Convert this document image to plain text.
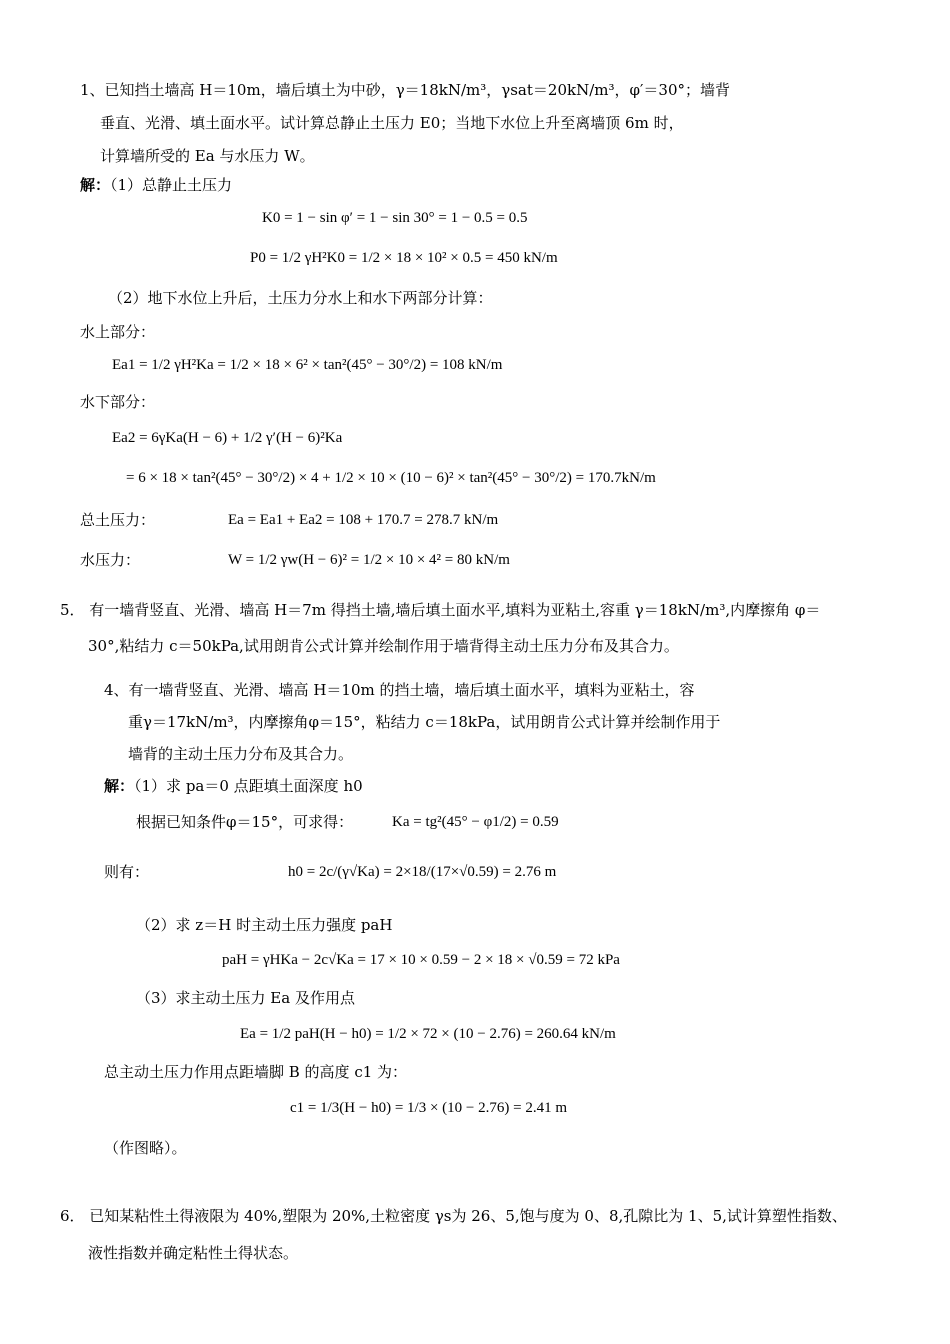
1、已知挡土墙高 H＝10m，墙后填土为中砂，γ＝18kN/m³，γsat＝20kN/m³，φ′＝30°；墙背
垂直、光滑、填土面水平。试计算总静止土压力 E0；当地下水位上升至离墙顶 6m 时，
计算墙所受的 Ea 与水压力 W。
解：（1）总静止土压力
K0 = 1 − sin φ′ = 1 − sin 30° = 1 − 0.5 = 0.5
P0 = 1/2 γH²K0 = 1/2 × 18 × 10² × 0.5 = 450 kN/m
（2）地下水位上升后，土压力分水上和水下两部分计算：
水上部分：
Ea1 = 1/2 γH²Ka = 1/2 × 18 × 6² × tan²(45° − 30°/2) = 108 kN/m
水下部分：
Ea2 = 6γKa(H − 6) + 1/2 γ′(H − 6)²Ka
= 6 × 18 × tan²(45° − 30°/2) × 4 + 1/2 × 10 × (10 − 6)² × tan²(45° − 30°/2) = 170.7kN/m
总土压力：	Ea = Ea1 + Ea2 = 108 + 170.7 = 278.7 kN/m
水压力：	W = 1/2 γw(H − 6)² = 1/2 × 10 × 4² = 80 kN/m
5． 有一墙背竖直、光滑、墙高 H＝7m 得挡土墙,墙后填土面水平,填料为亚粘土,容重 γ＝18kN/m³,内摩擦角 φ＝
30°,粘结力 c＝50kPa,试用朗肯公式计算并绘制作用于墙背得主动土压力分布及其合力。
4、有一墙背竖直、光滑、墙高 H＝10m 的挡土墙，墙后填土面水平，填料为亚粘土，容
重γ＝17kN/m³，内摩擦角φ＝15°，粘结力 c＝18kPa，试用朗肯公式计算并绘制作用于
墙背的主动土压力分布及其合力。
解：（1）求 pa＝0 点距填土面深度 h0
根据已知条件φ＝15°，可求得：	Ka = tg²(45° − φ1/2) = 0.59
则有：	h0 = 2c/(γ√Ka) = 2×18/(17×√0.59) = 2.76 m
（2）求 z＝H 时主动土压力强度 paH
paH = γHKa − 2c√Ka = 17 × 10 × 0.59 − 2 × 18 × √0.59 = 72 kPa
（3）求主动土压力 Ea 及作用点
Ea = 1/2 paH(H − h0) = 1/2 × 72 × (10 − 2.76) = 260.64 kN/m
总主动土压力作用点距墙脚 B 的高度 c1 为：
c1 = 1/3(H − h0) = 1/3 × (10 − 2.76) = 2.41 m
（作图略）。
6． 已知某粘性土得液限为 40%,塑限为 20%,土粒密度 γs为 26、5,饱与度为 0、8,孔隙比为 1、5,试计算塑性指数、
液性指数并确定粘性土得状态。
